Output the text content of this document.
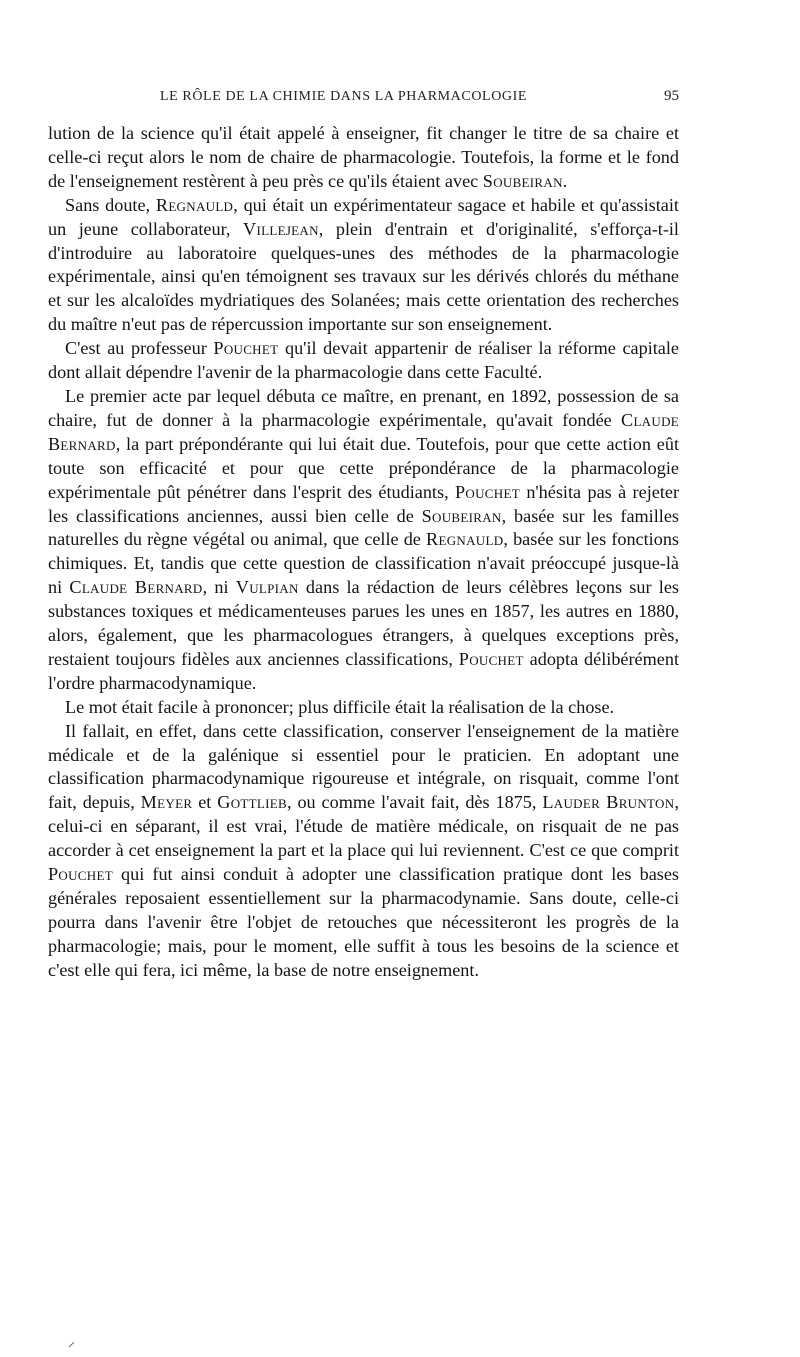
LE RÔLE DE LA CHIMIE DANS LA PHARMACOLOGIE	95

lution de la science qu'il était appelé à enseigner, fit changer le titre de sa chaire et celle-ci reçut alors le nom de chaire de pharmacologie. Toutefois, la forme et le fond de l'enseignement restèrent à peu près ce qu'ils étaient avec Soubeiran.

Sans doute, Regnauld, qui était un expérimentateur sagace et habile et qu'assistait un jeune collaborateur, Villejean, plein d'entrain et d'originalité, s'efforça-t-il d'introduire au laboratoire quelques-unes des méthodes de la pharmacologie expérimentale, ainsi qu'en témoignent ses travaux sur les dérivés chlorés du méthane et sur les alcaloïdes mydriatiques des Solanées; mais cette orientation des recherches du maître n'eut pas de répercussion importante sur son enseignement.

C'est au professeur Pouchet qu'il devait appartenir de réaliser la réforme capitale dont allait dépendre l'avenir de la pharmacologie dans cette Faculté.

Le premier acte par lequel débuta ce maître, en prenant, en 1892, possession de sa chaire, fut de donner à la pharmacologie expérimentale, qu'avait fondée Claude Bernard, la part prépondérante qui lui était due. Toutefois, pour que cette action eût toute son efficacité et pour que cette prépondérance de la pharmacologie expérimentale pût pénétrer dans l'esprit des étudiants, Pouchet n'hésita pas à rejeter les classifications anciennes, aussi bien celle de Soubeiran, basée sur les familles naturelles du règne végétal ou animal, que celle de Regnauld, basée sur les fonctions chimiques. Et, tandis que cette question de classification n'avait préoccupé jusque-là ni Claude Bernard, ni Vulpian dans la rédaction de leurs célèbres leçons sur les substances toxiques et médicamenteuses parues les unes en 1857, les autres en 1880, alors, également, que les pharmacologues étrangers, à quelques exceptions près, restaient toujours fidèles aux anciennes classifications, Pouchet adopta délibérément l'ordre pharmacodynamique.

Le mot était facile à prononcer; plus difficile était la réalisation de la chose.

Il fallait, en effet, dans cette classification, conserver l'enseignement de la matière médicale et de la galénique si essentiel pour le praticien. En adoptant une classification pharmacodynamique rigoureuse et intégrale, on risquait, comme l'ont fait, depuis, Meyer et Gottlieb, ou comme l'avait fait, dès 1875, Lauder Brunton, celui-ci en séparant, il est vrai, l'étude de matière médicale, on risquait de ne pas accorder à cet enseignement la part et la place qui lui reviennent. C'est ce que comprit Pouchet qui fut ainsi conduit à adopter une classification pratique dont les bases générales reposaient essentiellement sur la pharmacodynamie. Sans doute, celle-ci pourra dans l'avenir être l'objet de retouches que nécessiteront les progrès de la pharmacologie; mais, pour le moment, elle suffit à tous les besoins de la science et c'est elle qui fera, ici même, la base de notre enseignement.

⸍
